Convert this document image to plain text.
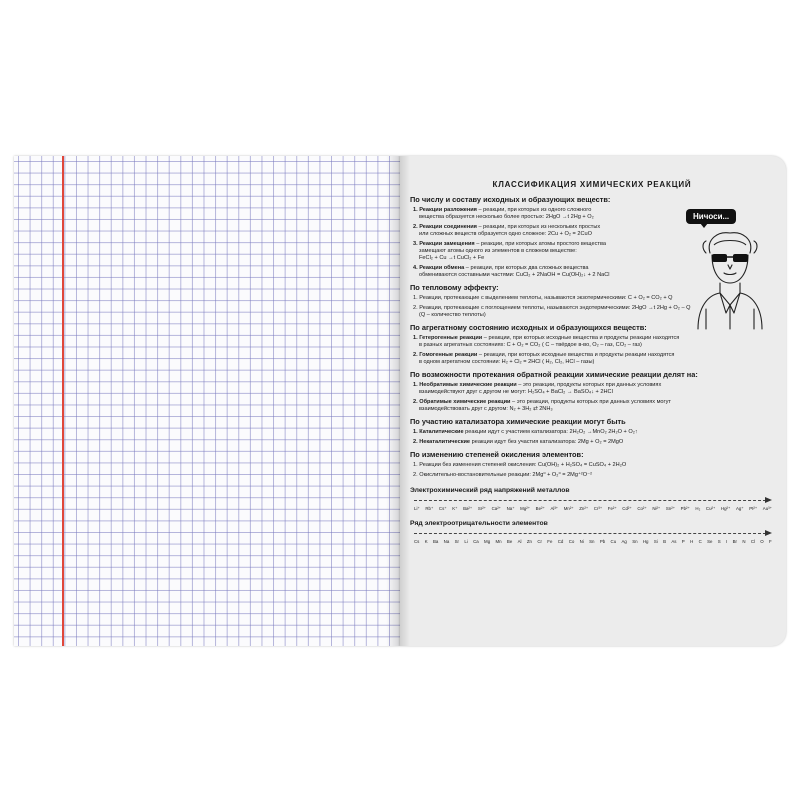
КЛАССИФИКАЦИЯ ХИМИЧЕСКИХ РЕАКЦИЙ
По числу и составу исходных и образующих веществ:
1. Реакции разложения – реакции, при которых из одного сложного
вещества образуется несколько более простых: 2HgO →t 2Hg + O₂
2. Реакции соединения – реакции, при которых из нескольких простых
или сложных веществ образуется одно сложное: 2Cu + O₂ = 2CuO
3. Реакции замещения – реакции, при которых атомы простого вещества
замещают атомы одного из элементов в сложном веществе:
FeCl₂ + Cu →t CuCl₂ + Fe
4. Реакции обмена – реакции, при которых два сложных вещества
обмениваются составными частями: CuCl₂ + 2NaOH = Cu(OH)₂↓ + 2 NaCl
Ничоси...
По тепловому эффекту:
1. Реакции, протекающие с выделением теплоты, называются экзотермическими: C + O₂ = CO₂ + Q
2. Реакции, протекающие с поглощением теплоты, называются эндотермическими: 2HgO →t 2Hg + O₂ – Q
(Q – количество теплоты)
По агрегатному состоянию исходных и образующихся веществ:
1. Гетерогенные реакции – реакции, при которых исходные вещества и продукты реакции находятся
в разных агрегатных состояниях: C + O₂ = CO₂ ( C – твёрдое в-во, O₂ – газ, CO₂ – газ)
2. Гомогенные реакции – реакции, при которых исходные вещества и продукты реакции находятся
в одном агрегатном состоянии: H₂ + Cl₂ = 2HCl ( H₂, Cl₂, HCl – газы)
По возможности протекания обратной реакции химические реакции делят на:
1. Необратимые химические реакции – это реакции, продукты которых при данных условиях
взаимодействуют друг с другом не могут: H₂SO₄ + BaCl₂ → BaSO₄↓ + 2HCl
2. Обратимые химические реакции – это реакции, продукты которых при данных условиях могут
взаимодействовать друг с другом: N₂ + 3H₂ ⇄ 2NH₃
По участию катализатора химические реакции могут быть
1. Каталитические реакции идут с участием катализатора: 2H₂O₂ →MnO₂ 2H₂O + O₂↑
2. Некаталитические реакции идут без участия катализатора: 2Mg + O₂ = 2MgO
По изменению степеней окисления элементов:
1. Реакции без изменения степеней окисления: Cu(OH)₂ + H₂SO₄ = CuSO₄ + 2H₂O
2. Окислительно-востановительные реакции: 2Mg⁰ + O₂⁰ = 2Mg⁺²O⁻²
Электрохимический ряд напряжений металлов
Li⁺ Rb⁺ Cs⁺ K⁺ Ba²⁺ Sr²⁺ Ca²⁺ Na⁺ Mg²⁺ Be²⁺ Al³⁺ Mn²⁺ Zn²⁺ Cr³⁺ Fe²⁺ Cd²⁺ Co²⁺ Ni²⁺ Sn²⁺ Pb²⁺ H₂ Cu²⁺ Hg²⁺ Ag⁺ Pt²⁺ Au³⁺
Ряд электроотрицательности элементов
Cs K Ba Na Sr Li Ca Mg Mn Be Al Zn Cr Fe Cd Co Ni Sn Pb Cu Ag Sn Hg Si B As P H C Se S I Br N Cl O F
